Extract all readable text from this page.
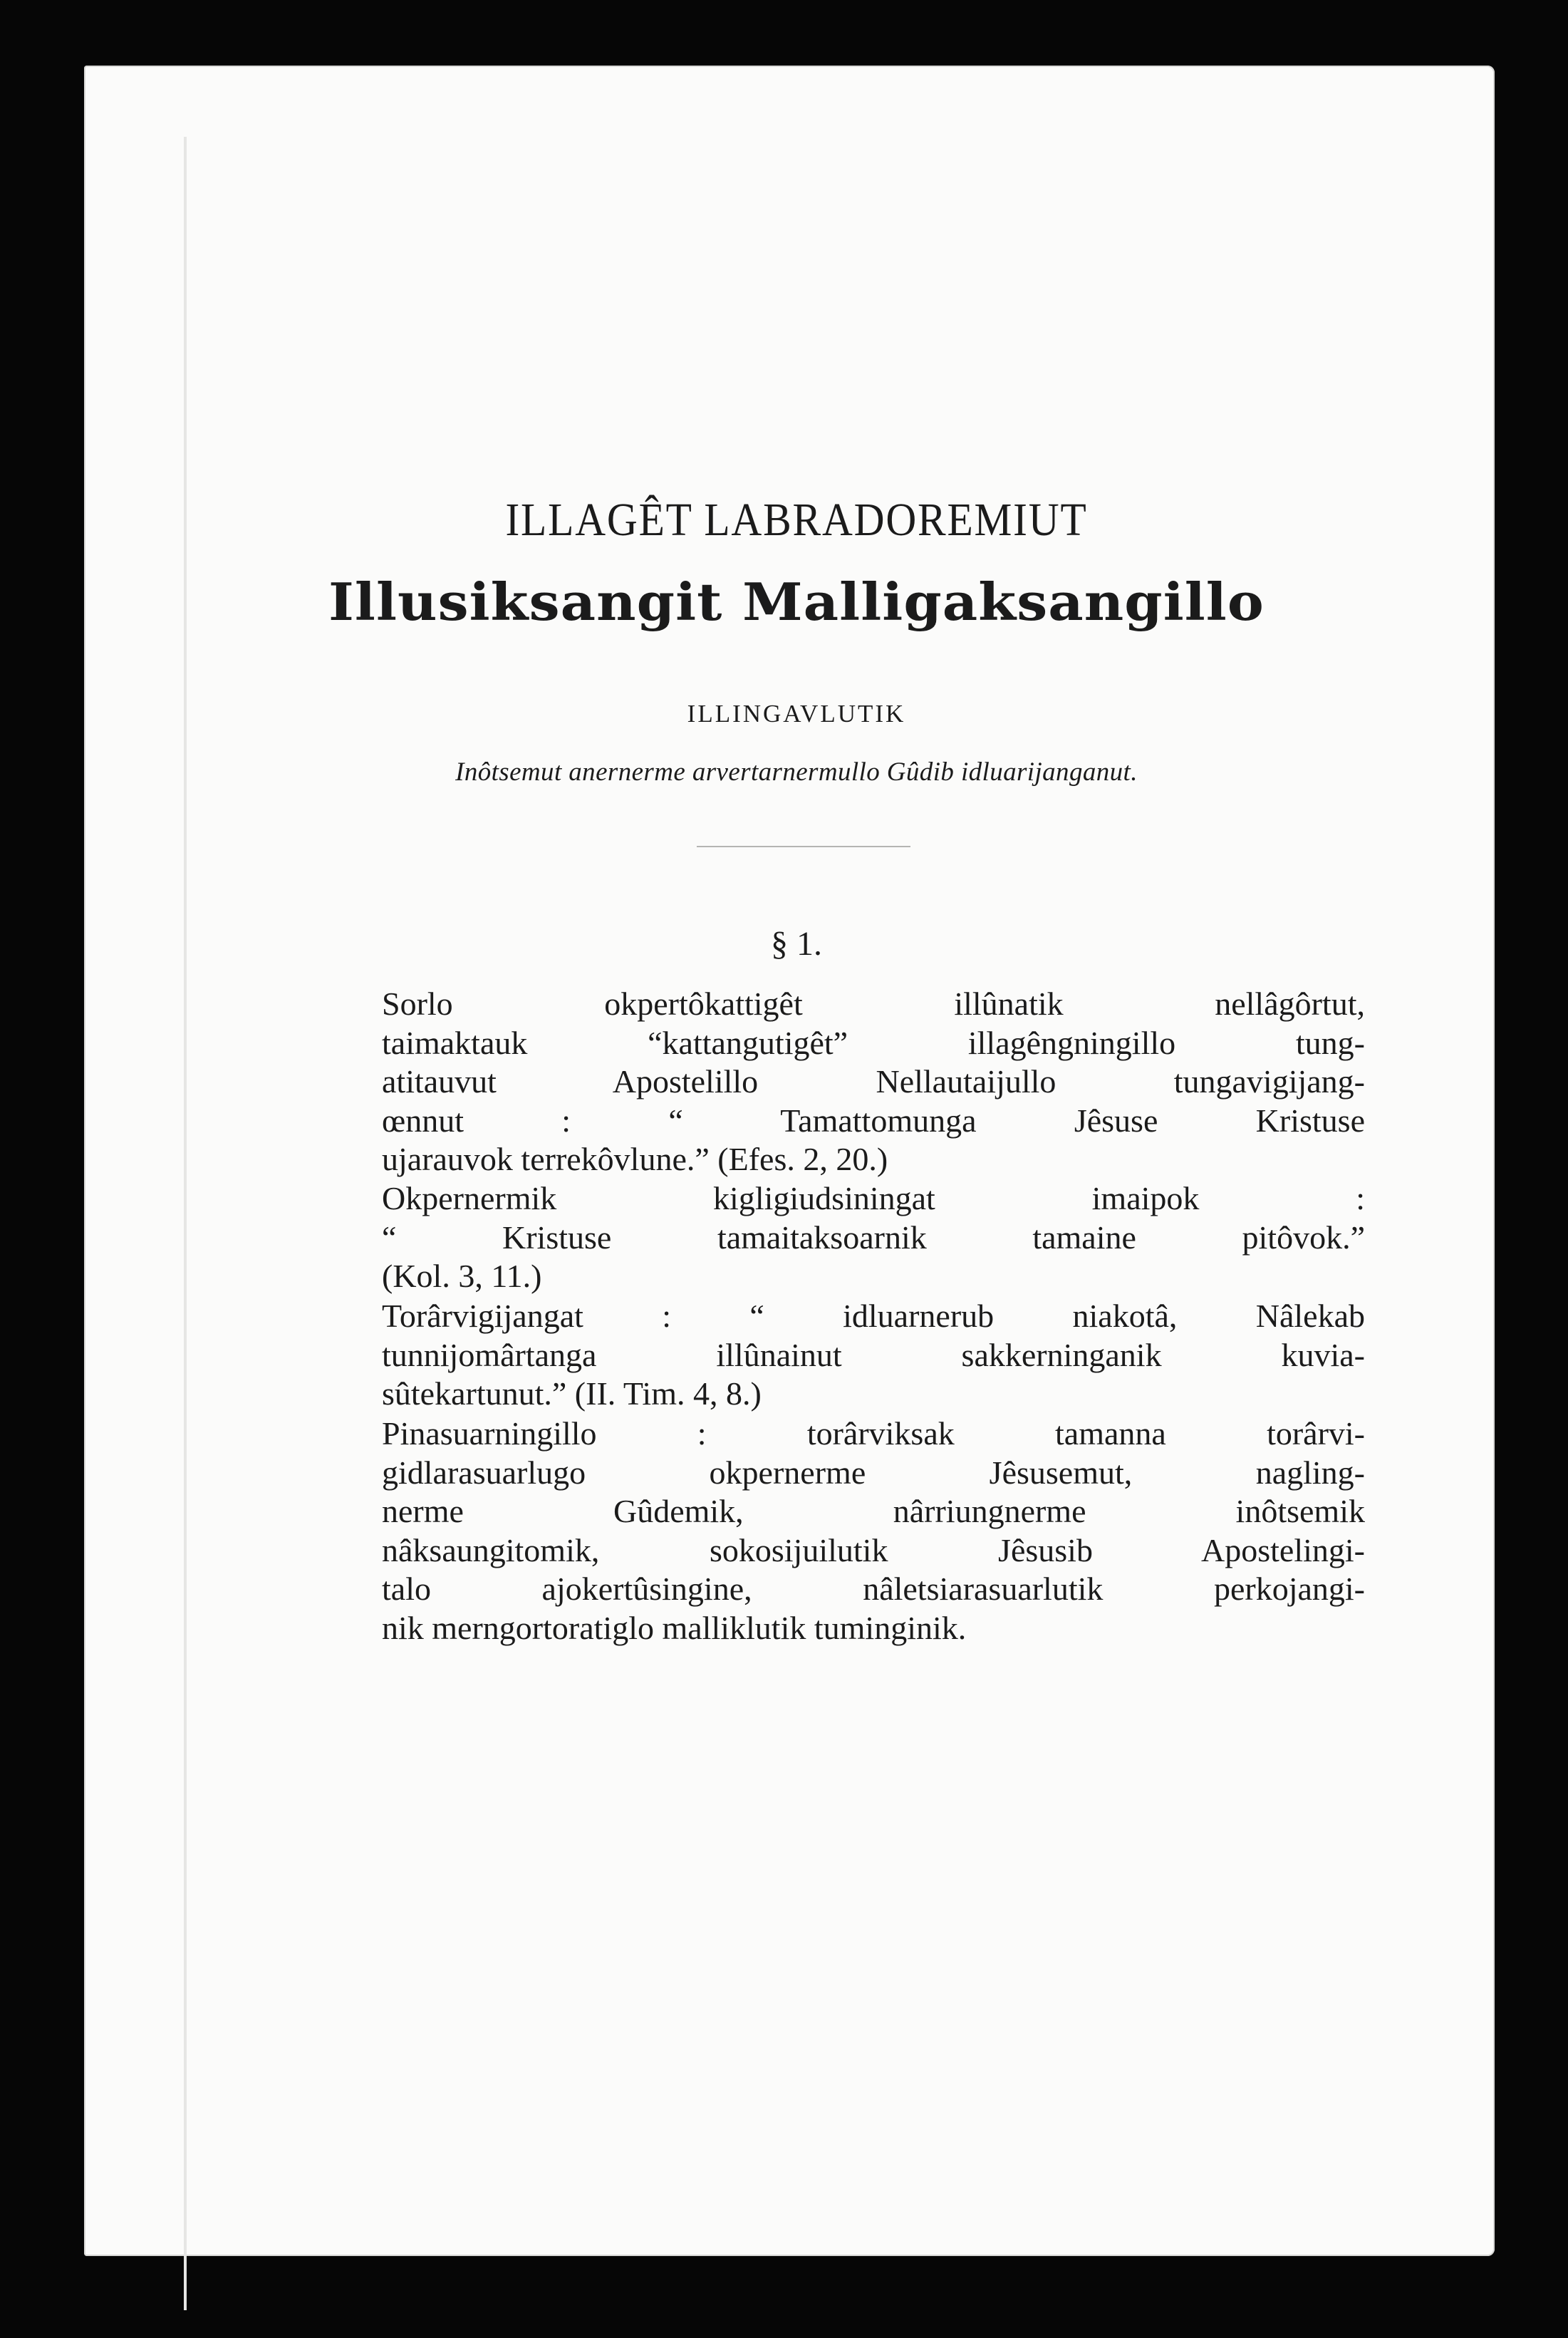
ILLAGÊT LABRADOREMIUT
Illusiksangit Malligaksangillo
ILLINGAVLUTIK
Inôtsemut anernerme arvertarnermullo Gûdib idluarijanganut.
§ 1.
Sorlo okpertôkattigêt illûnatik nellâgôrtut,
taimaktauk “kattangutigêt” illagêngningillo tung-
atitauvut Apostelillo Nellautaijullo tungavigijang-
œnnut : “ Tamattomunga Jêsuse Kristuse
ujarauvok terrekôvlune.” (Efes. 2, 20.)
Okpernermik kigligiudsiningat imaipok :
“ Kristuse tamaitaksoarnik tamaine pitôvok.”
(Kol. 3, 11.)
Torârvigijangat : “ idluarnerub niakotâ, Nâlekab
tunnijomârtanga illûnainut sakkerninganik kuvia-
sûtekartunut.” (II. Tim. 4, 8.)
Pinasuarningillo : torârviksak tamanna torârvi-
gidlarasuarlugo okpernerme Jêsusemut, nagling-
nerme Gûdemik, nârriungnerme inôtsemik
nâksaungitomik, sokosijuilutik Jêsusib Apostelingi-
talo ajokertûsingine, nâletsiarasuarlutik perkojangi-
nik merngortoratiglo malliklutik tuminginik.
